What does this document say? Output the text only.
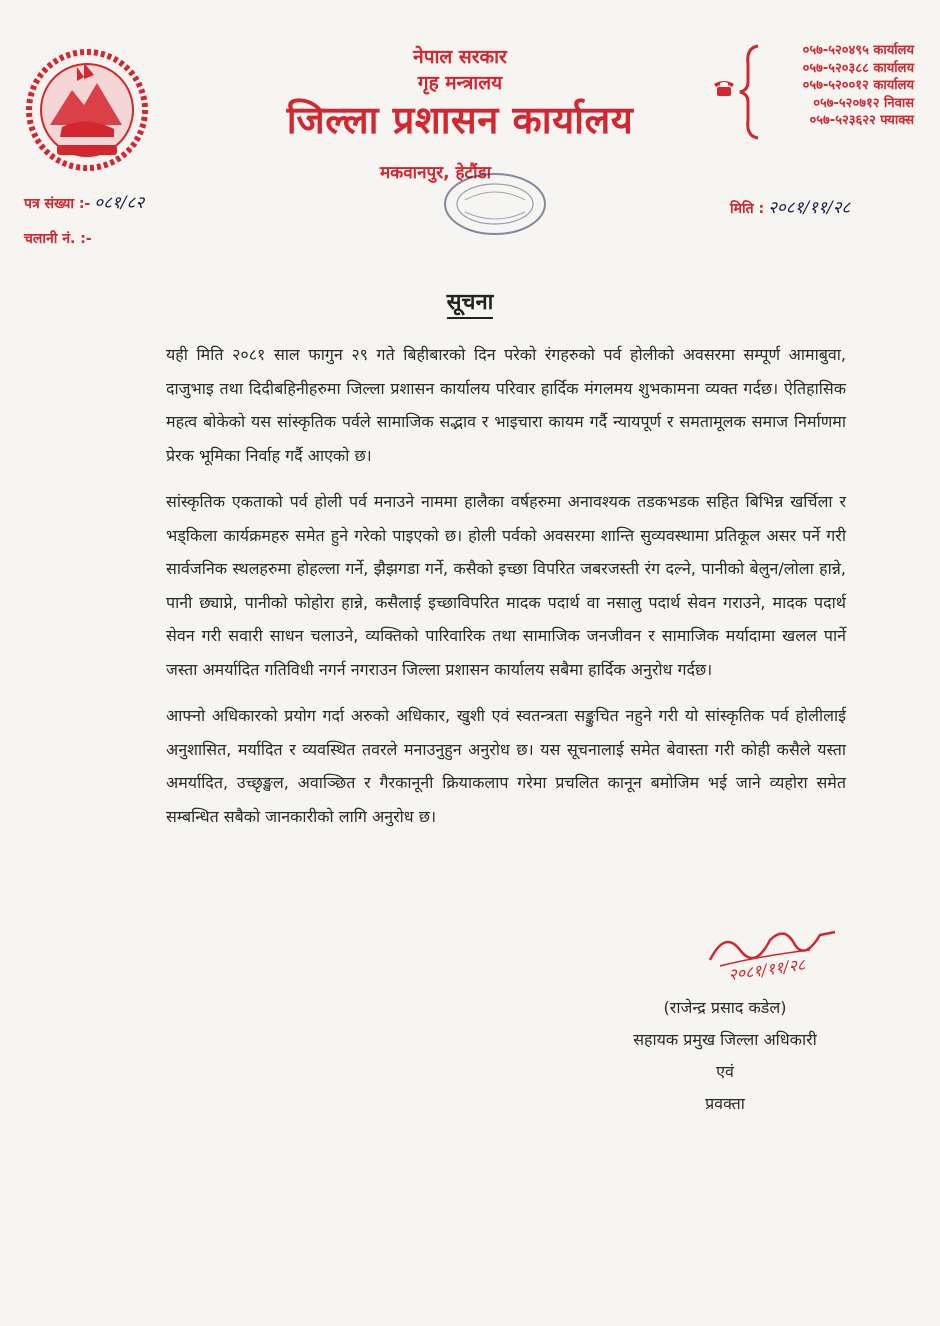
नेपाल सरकार
गृह मन्त्रालय
जिल्ला प्रशासन कार्यालय
मकवानपुर, हेटौंडा
०५७-५२०४९५ कार्यालय
०५७-५२०३८८ कार्यालय
०५७-५२००१२ कार्यालय
०५७-५२०७१२ निवास
०५७-५२३६२२ फ्याक्स
पत्र संख्या :- ०८१/८२
चलानी नं. :-
मिति : २०८१/११/२८
सूचना

यही मिति २०८१ साल फागुन २९ गते बिहीबारको दिन परेको रंगहरुको पर्व होलीको अवसरमा सम्पूर्ण आमाबुवा, दाजुभाइ तथा दिदीबहिनीहरुमा जिल्ला प्रशासन कार्यालय परिवार हार्दिक मंगलमय शुभकामना व्यक्त गर्दछ। ऐतिहासिक महत्व बोकेको यस सांस्कृतिक पर्वले सामाजिक सद्भाव र भाइचारा कायम गर्दै न्यायपूर्ण र समतामूलक समाज निर्माणमा प्रेरक भूमिका निर्वाह गर्दै आएको छ।

सांस्कृतिक एकताको पर्व होली पर्व मनाउने नाममा हालैका वर्षहरुमा अनावश्यक तडकभडक सहित बिभिन्न खर्चिला र भड्किला कार्यक्रमहरु समेत हुने गरेको पाइएको छ। होली पर्वको अवसरमा शान्ति सुव्यवस्थामा प्रतिकूल असर पर्ने गरी सार्वजनिक स्थलहरुमा होहल्ला गर्ने, झैझगडा गर्ने, कसैको इच्छा विपरित जबरजस्ती रंग दल्ने, पानीको बेलुन/लोला हान्ने, पानी छ्याप्ने, पानीको फोहोरा हान्ने, कसैलाई इच्छाविपरित मादक पदार्थ वा नसालु पदार्थ सेवन गराउने, मादक पदार्थ सेवन गरी सवारी साधन चलाउने, व्यक्तिको पारिवारिक तथा सामाजिक जनजीवन र सामाजिक मर्यादामा खलल पार्ने जस्ता अमर्यादित गतिविधी नगर्न नगराउन जिल्ला प्रशासन कार्यालय सबैमा हार्दिक अनुरोध गर्दछ।

आफ्नो अधिकारको प्रयोग गर्दा अरुको अधिकार, खुशी एवं स्वतन्त्रता सङ्कुचित नहुने गरी यो सांस्कृतिक पर्व होलीलाई अनुशासित, मर्यादित र व्यवस्थित तवरले मनाउनुहुन अनुरोध छ। यस सूचनालाई समेत बेवास्ता गरी कोही कसैले यस्ता अमर्यादित, उच्छृङ्खल, अवाञ्छित र गैरकानूनी क्रियाकलाप गरेमा प्रचलित कानून बमोजिम भई जाने व्यहोरा समेत सम्बन्धित सबैको जानकारीको लागि अनुरोध छ।

२०८१/११/२८
(राजेन्द्र प्रसाद कडेल)
सहायक प्रमुख जिल्ला अधिकारी
एवं
प्रवक्ता
